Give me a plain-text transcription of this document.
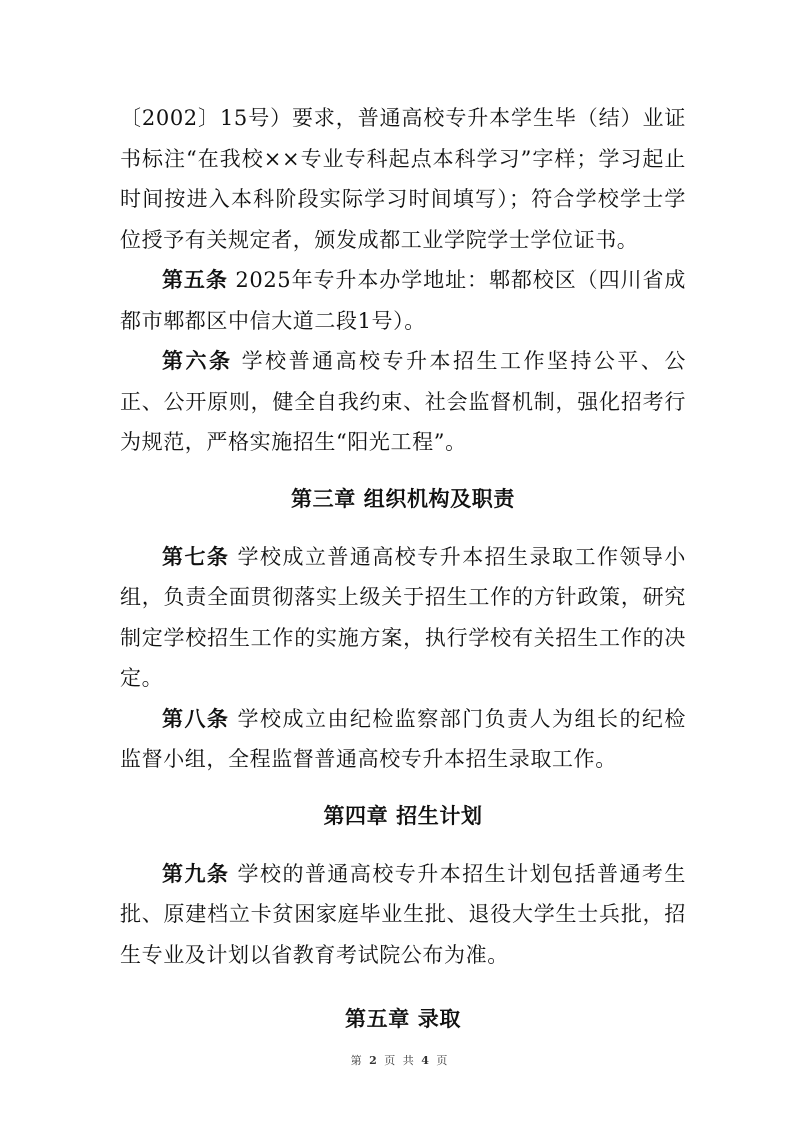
〔2002〕15号）要求，普通高校专升本学生毕（结）业证书标注“在我校××专业专科起点本科学习”字样；学习起止时间按进入本科阶段实际学习时间填写）；符合学校学士学位授予有关规定者，颁发成都工业学院学士学位证书。

第五条 2025年专升本办学地址：郫都校区（四川省成都市郫都区中信大道二段1号）。

第六条 学校普通高校专升本招生工作坚持公平、公正、公开原则，健全自我约束、社会监督机制，强化招考行为规范，严格实施招生“阳光工程”。

第三章 组织机构及职责

第七条 学校成立普通高校专升本招生录取工作领导小组，负责全面贯彻落实上级关于招生工作的方针政策，研究制定学校招生工作的实施方案，执行学校有关招生工作的决定。

第八条 学校成立由纪检监察部门负责人为组长的纪检监督小组，全程监督普通高校专升本招生录取工作。

第四章 招生计划

第九条 学校的普通高校专升本招生计划包括普通考生批、原建档立卡贫困家庭毕业生批、退役大学生士兵批，招生专业及计划以省教育考试院公布为准。

第五章 录取
第 2 页 共 4 页
